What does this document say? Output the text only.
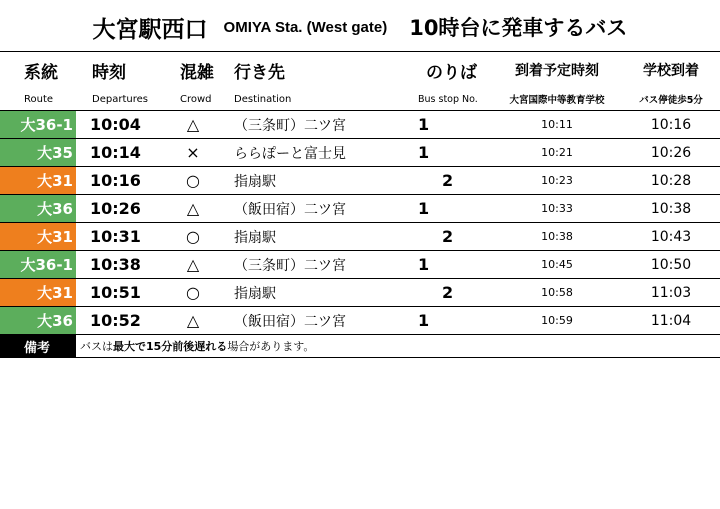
大宮駅西口 OMIYA Sta. (West gate) 10時台に発車するバス
系統	時刻	混雑	行き先	のりば	到着予定時刻	学校到着
Route	Departures	Crowd	Destination	Bus stop No.	大宮国際中等教育学校	バス停徒歩5分
大36-1	10:04	△	（三条町）二ツ宮	1	10:11	10:16
大35	10:14	×	ららぽーと富士見	1	10:21	10:26
大31	10:16	○	指扇駅	2	10:23	10:28
大36	10:26	△	（飯田宿）二ツ宮	1	10:33	10:38
大31	10:31	○	指扇駅	2	10:38	10:43
大36-1	10:38	△	（三条町）二ツ宮	1	10:45	10:50
大31	10:51	○	指扇駅	2	10:58	11:03
大36	10:52	△	（飯田宿）二ツ宮	1	10:59	11:04
備考	バスは最大で15分前後遅れる場合があります。					
